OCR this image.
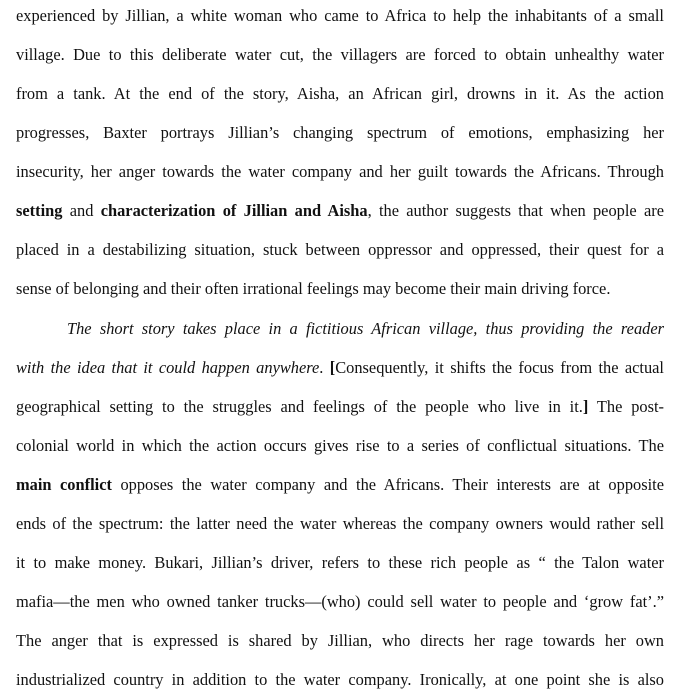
experienced by Jillian, a white woman who came to Africa to help the inhabitants of a small
village. Due to this deliberate water cut, the villagers are forced to obtain unhealthy water
from a tank. At the end of the story, Aisha, an African girl, drowns in it. As the action
progresses, Baxter portrays Jillian’s changing spectrum of emotions, emphasizing her
insecurity, her anger towards the water company and her guilt towards the Africans. Through
setting and characterization of Jillian and Aisha, the author suggests that when people are
placed in a destabilizing situation, stuck between oppressor and oppressed, their quest for a
sense of belonging and their often irrational feelings may become their main driving force.
The short story takes place in a fictitious African village, thus providing the reader
with the idea that it could happen anywhere. [Consequently, it shifts the focus from the actual
geographical setting to the struggles and feelings of the people who live in it.] The post-
colonial world in which the action occurs gives rise to a series of conflictual situations. The
main conflict opposes the water company and the Africans. Their interests are at opposite
ends of the spectrum: the latter need the water whereas the company owners would rather sell
it to make money. Bukari, Jillian’s driver, refers to these rich people as “ the Talon water
mafia—the men who owned tanker trucks—(who) could sell water to people and ‘grow fat’.”
The anger that is expressed is shared by Jillian, who directs her rage towards her own
industrialized country in addition to the water company. Ironically, at one point she is also
